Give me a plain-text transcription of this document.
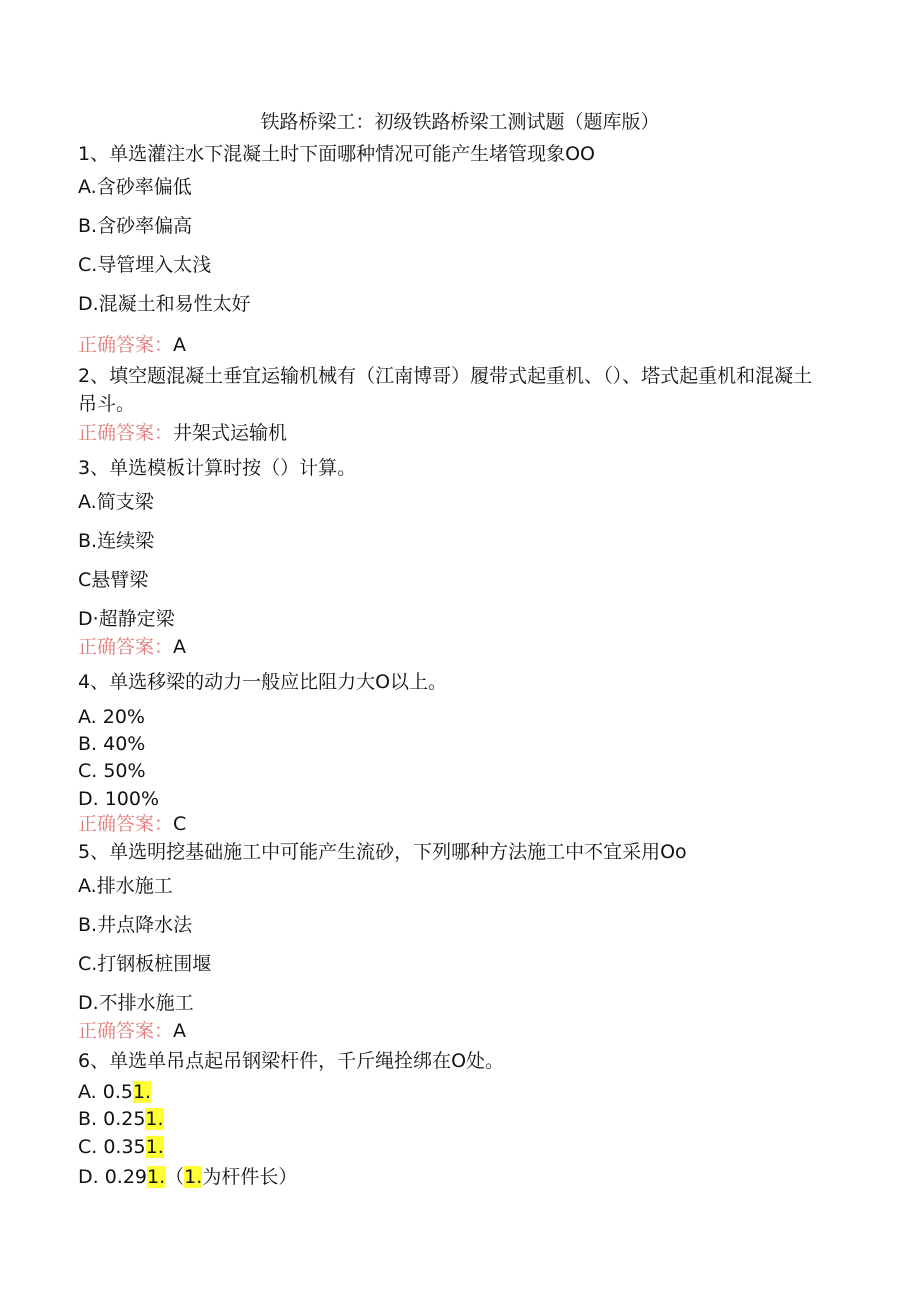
铁路桥梁工：初级铁路桥梁工测试题（题库版）
1、单选灌注水下混凝土时下面哪种情况可能产生堵管现象OO
A.含砂率偏低
B.含砂率偏高
C.导管埋入太浅
D.混凝土和易性太好
正确答案：A
2、填空题混凝土垂宜运输机械有（江南博哥）履带式起重机、（）、塔式起重机和混凝土吊斗。
正确答案：井架式运输机
3、单选模板计算时按（）计算。
A.简支梁
B.连续梁
C悬臂梁
D·超静定梁
正确答案：A
4、单选移梁的动力一般应比阻力大O以上。
A. 20%
B. 40%
C. 50%
D. 100%
正确答案：C
5、单选明挖基础施工中可能产生流砂，下列哪种方法施工中不宜采用Oo
A.排水施工
B.井点降水法
C.打钢板桩围堰
D.不排水施工
正确答案：A
6、单选单吊点起吊钢梁杆件，千斤绳拴绑在O处。
A. 0.51.
B. 0.251.
C. 0.351.
D. 0.291.（1.为杆件长）
